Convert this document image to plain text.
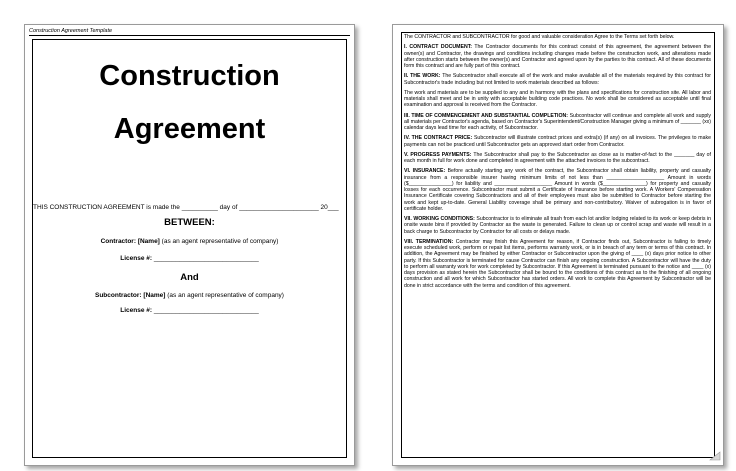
Construction Agreement Template
Construction
Agreement
THIS CONSTRUCTION AGREEMENT is made the __________ day of ______________________ 20___
BETWEEN:
Contractor: [Name] (as an agent representative of company)
License #: _____________________________
And
Subcontractor: [Name] (as an agent representative of company)
License #: _____________________________

The CONTRACTOR and SUBCONTRACTOR for good and valuable consideration Agree to the Terms set forth below.

I. CONTRACT DOCUMENT: The Contractor documents for this contract consist of this agreement, the agreement between the owner(s) and Contractor, the drawings and conditions including changes made before the construction work, and alterations made after construction starts between the owner(s) and Contractor and agreed upon by the parties to this contract. All of these documents form this contract and are fully part of this contract.

II. THE WORK: The Subcontractor shall execute all of the work and make available all of the materials required by this contract for Subcontractor's trade including but not limited to work materials described as follows:

The work and materials are to be supplied to any and in harmony with the plans and specifications for construction site. All labor and materials shall meet and be in unity with acceptable building code practices. No work shall be considered as acceptable until final examination and approval is received from the Contractor.

III. TIME OF COMMENCEMENT AND SUBSTANTIAL COMPLETION: Subcontractor will continue and complete all work and supply all materials per Contractor's agenda, based on Contractor's Superintendent/Construction Manager giving a minimum of _______ (xx) calendar days lead time for each activity, of Subcontractor.

IV. THE CONTRACT PRICE: Subcontractor will illustrate contract prices and extra(s) (if any) on all invoices. The privileges to make payments can not be practiced until Subcontractor gets an approved start order from Contractor.

V. PROGRESS PAYMENTS: The Subcontractor shall pay to the Subcontractor as close as is matter-of-fact to the _______ day of each month in full for work done and completed in agreement with the attached invoices to the subcontract.

VI. INSURANCE: Before actually starting any work of the contract, the Subcontractor shall obtain liability, property and casualty insurance from a responsible insurer having minimum limits of not less than ____________________ Amount in words ($_______________) for liability and ____________________ Amount in words ($_______________) for property and casualty losses for each occurrence. Subcontractor must submit a Certificate of Insurance before starting work. A Workers' Compensation Insurance Certificate covering Subcontractors and all of their employees must also be submitted to Contractor before starting the work and kept up-to-date. General Liability coverage shall be primary and non-contributory. Waiver of subrogation is in favor of certificate holder.

VII. WORKING CONDITIONS: Subcontractor is to eliminate all trash from each lot and/or lodging related to its work or keep debris in onsite waste bins if provided by Contractor as the waste is generated. Failure to clean up or control scrap and waste will result in a back charge to Subcontractor by Contractor for all costs or delays made.

VIII. TERMINATION: Contractor may finish this Agreement for reason, if Contractor finds out, Subcontractor is failing to timely execute scheduled work, perform or repair list items, performs warranty work, or is in breach of any term or terms of this contract. In addition, the Agreement may be finished by either Contractor or Subcontractor upon the giving of ____ (x) days prior notice to other party. If this Subcontractor is terminated for cause Contractor can finish any ongoing construction. A Subcontractor will have the duty to perform all warranty work for work completed by Subcontractor. If this Agreement is terminated pursuant to the notice and ____ (x) days provision as stated herein the Subcontractor shall be bound to the conditions of this contract as to the finishing of all ongoing construction and all work for which Subcontractor has started orders. All work to complete this Agreement by Subcontractor will be done in strict accordance with the terms and condition of this agreement.
